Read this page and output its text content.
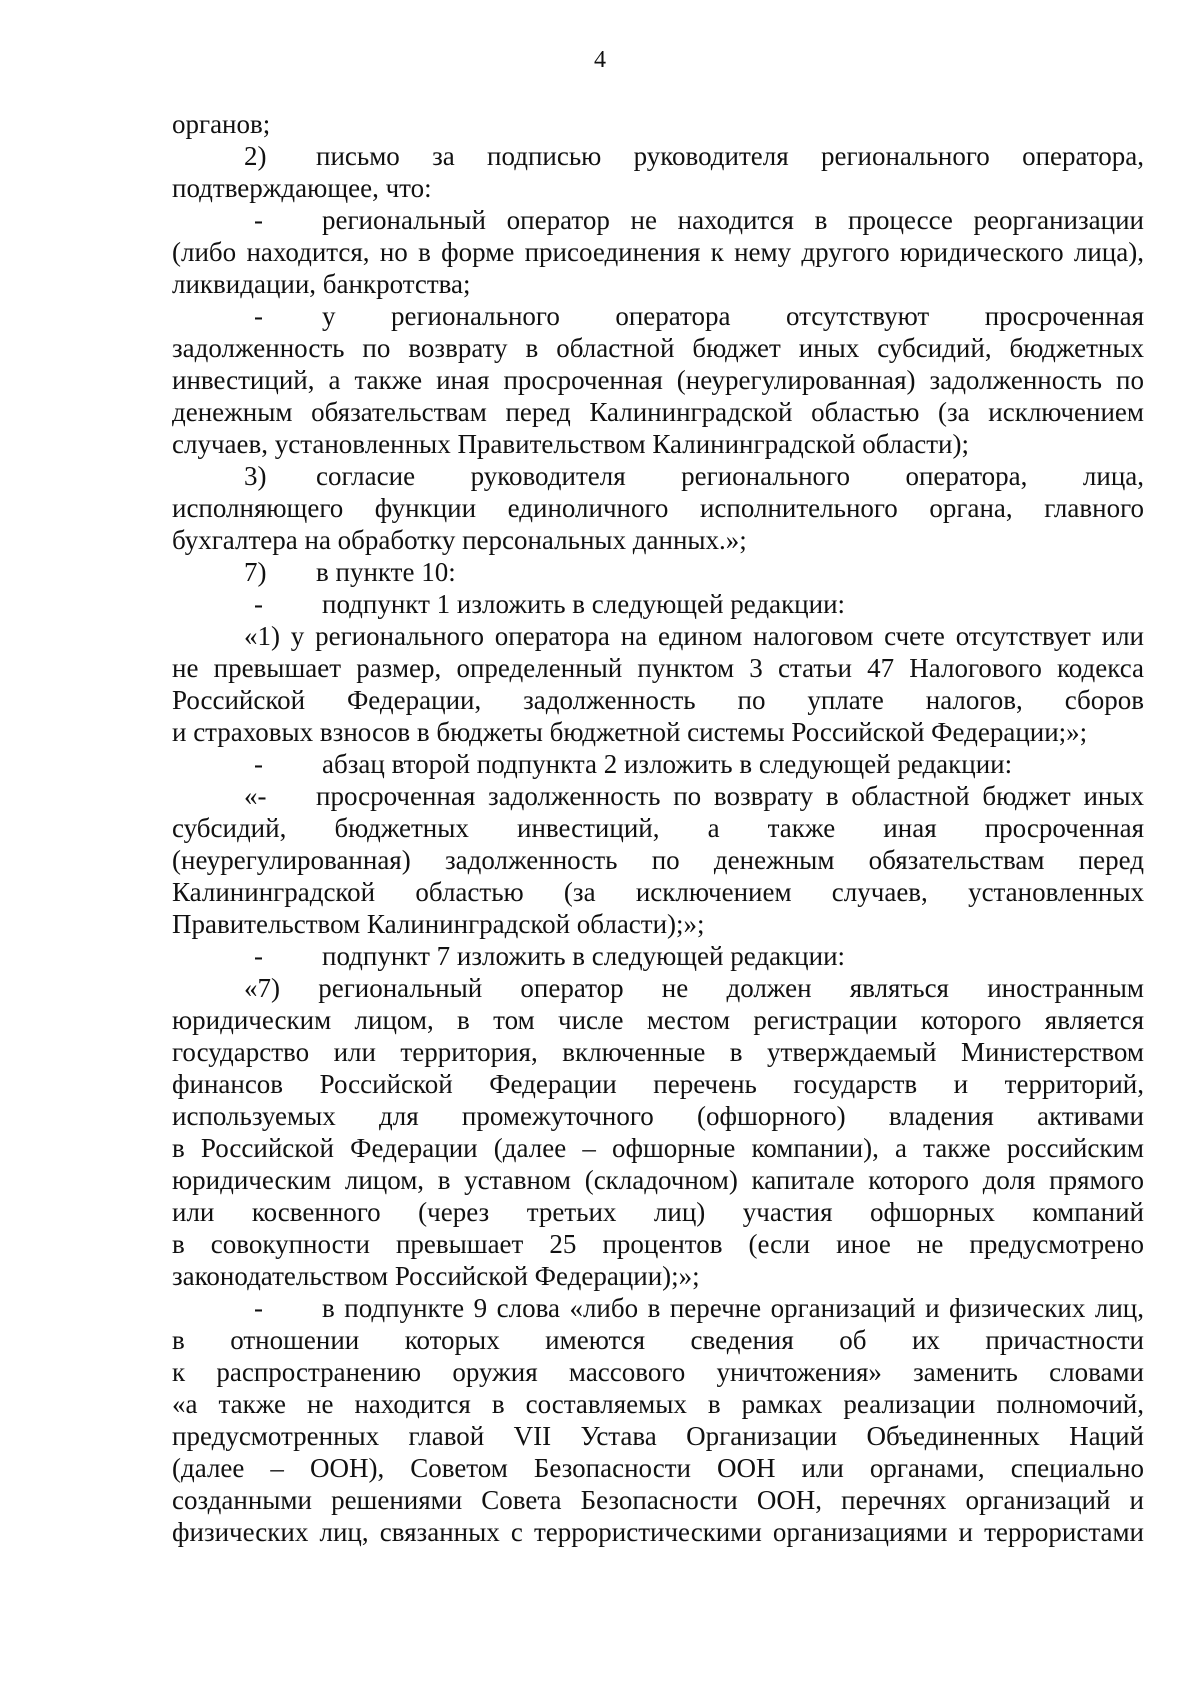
4
органов;
2)	письмо за подписью руководителя регионального оператора,
подтверждающее, что:
-	региональный оператор не находится в процессе реорганизации
(либо находится, но в форме присоединения к нему другого юридического лица),
ликвидации, банкротства;
-	у регионального оператора отсутствуют просроченная
задолженность по возврату в областной бюджет иных субсидий, бюджетных
инвестиций, а также иная просроченная (неурегулированная) задолженность по
денежным обязательствам перед Калининградской областью (за исключением
случаев, установленных Правительством Калининградской области);
3)	согласие руководителя регионального оператора, лица,
исполняющего функции единоличного исполнительного органа, главного
бухгалтера на обработку персональных данных.»;
7)	в пункте 10:
-	подпункт 1 изложить в следующей редакции:
«1) у регионального оператора на едином налоговом счете отсутствует или
не превышает размер, определенный пунктом 3 статьи 47 Налогового кодекса
Российской Федерации, задолженность по уплате налогов, сборов
и страховых взносов в бюджеты бюджетной системы Российской Федерации;»;
-	абзац второй подпункта 2 изложить в следующей редакции:
«-	просроченная задолженность по возврату в областной бюджет иных
субсидий, бюджетных инвестиций, а также иная просроченная
(неурегулированная) задолженность по денежным обязательствам перед
Калининградской областью (за исключением случаев, установленных
Правительством Калининградской области);»;
-	подпункт 7 изложить в следующей редакции:
«7) региональный оператор не должен являться иностранным
юридическим лицом, в том числе местом регистрации которого является
государство или территория, включенные в утверждаемый Министерством
финансов Российской Федерации перечень государств и территорий,
используемых для промежуточного (офшорного) владения активами
в Российской Федерации (далее – офшорные компании), а также российским
юридическим лицом, в уставном (складочном) капитале которого доля прямого
или косвенного (через третьих лиц) участия офшорных компаний
в совокупности превышает 25 процентов (если иное не предусмотрено
законодательством Российской Федерации);»;
-	в подпункте 9 слова «либо в перечне организаций и физических лиц,
в отношении которых имеются сведения об их причастности
к распространению оружия массового уничтожения» заменить словами
«а также не находится в составляемых в рамках реализации полномочий,
предусмотренных главой VII Устава Организации Объединенных Наций
(далее – ООН), Советом Безопасности ООН или органами, специально
созданными решениями Совета Безопасности ООН, перечнях организаций и
физических лиц, связанных с террористическими организациями и террористами
